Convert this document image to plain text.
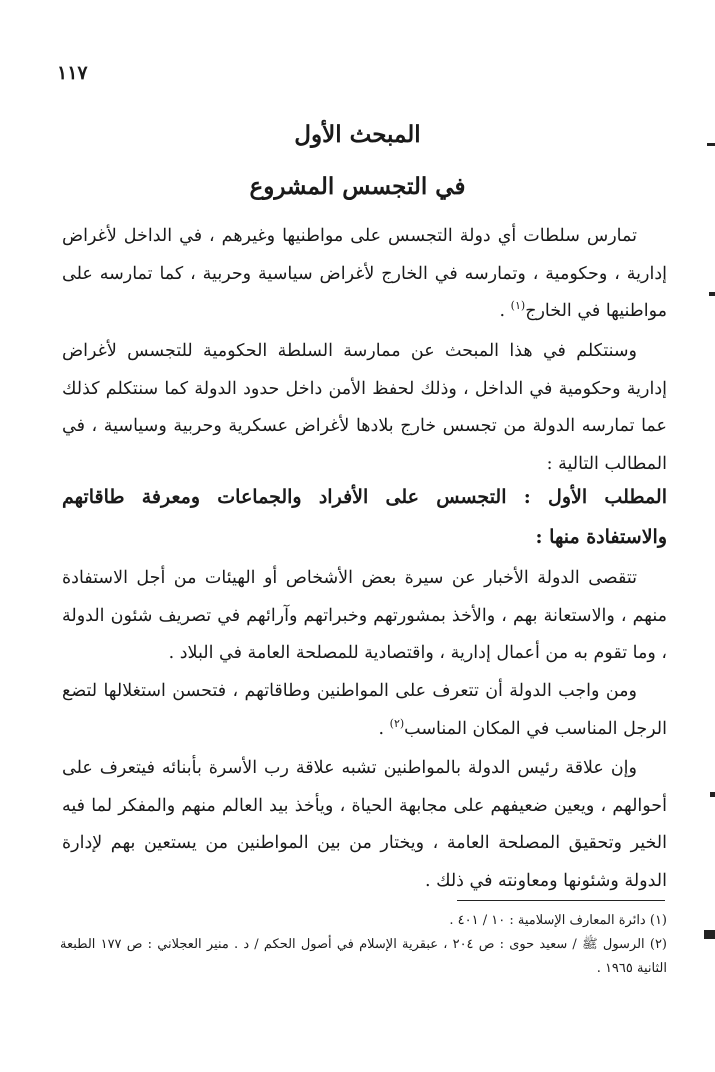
١١٧
المبحث الأول
في التجسس المشروع

تمارس سلطات أي دولة التجسس على مواطنيها وغيرهم ، في الداخل لأغراض إدارية ، وحكومية ، وتمارسه في الخارج لأغراض سياسية وحربية ، كما تمارسه على مواطنيها في الخارج$^{(١)}$ .

وسنتكلم في هذا المبحث عن ممارسة السلطة الحكومية للتجسس لأغراض إدارية وحكومية في الداخل ، وذلك لحفظ الأمن داخل حدود الدولة كما سنتكلم كذلك عما تمارسه الدولة من تجسس خارج بلادها لأغراض عسكرية وحربية وسياسية ، في المطالب التالية :

المطلب الأول : التجسس على الأفراد والجماعات ومعرفة طاقاتهم والاستفادة منها :

تتقصى الدولة الأخبار عن سيرة بعض الأشخاص أو الهيئات من أجل الاستفادة منهم ، والاستعانة بهم ، والأخذ بمشورتهم وخبراتهم وآرائهم في تصريف شئون الدولة ، وما تقوم به من أعمال إدارية ، واقتصادية للمصلحة العامة في البلاد .

ومن واجب الدولة أن تتعرف على المواطنين وطاقاتهم ، فتحسن استغلالها لتضع الرجل المناسب في المكان المناسب$^{(٢)}$ .

وإن علاقة رئيس الدولة بالمواطنين تشبه علاقة رب الأسرة بأبنائه فيتعرف على أحوالهم ، ويعين ضعيفهم على مجابهة الحياة ، ويأخذ بيد العالم منهم والمفكر لما فيه الخير وتحقيق المصلحة العامة ، ويختار من بين المواطنين من يستعين بهم لإدارة الدولة وشئونها ومعاونته في ذلك .

(١) دائرة المعارف الإسلامية : ١٠ / ٤٠١ .

(٢) الرسول ﷺ / سعيد حوى : ص ٢٠٤ ، عبقرية الإسلام في أصول الحكم / د . منير العجلاني : ص ١٧٧ الطبعة الثانية ١٩٦٥ .
